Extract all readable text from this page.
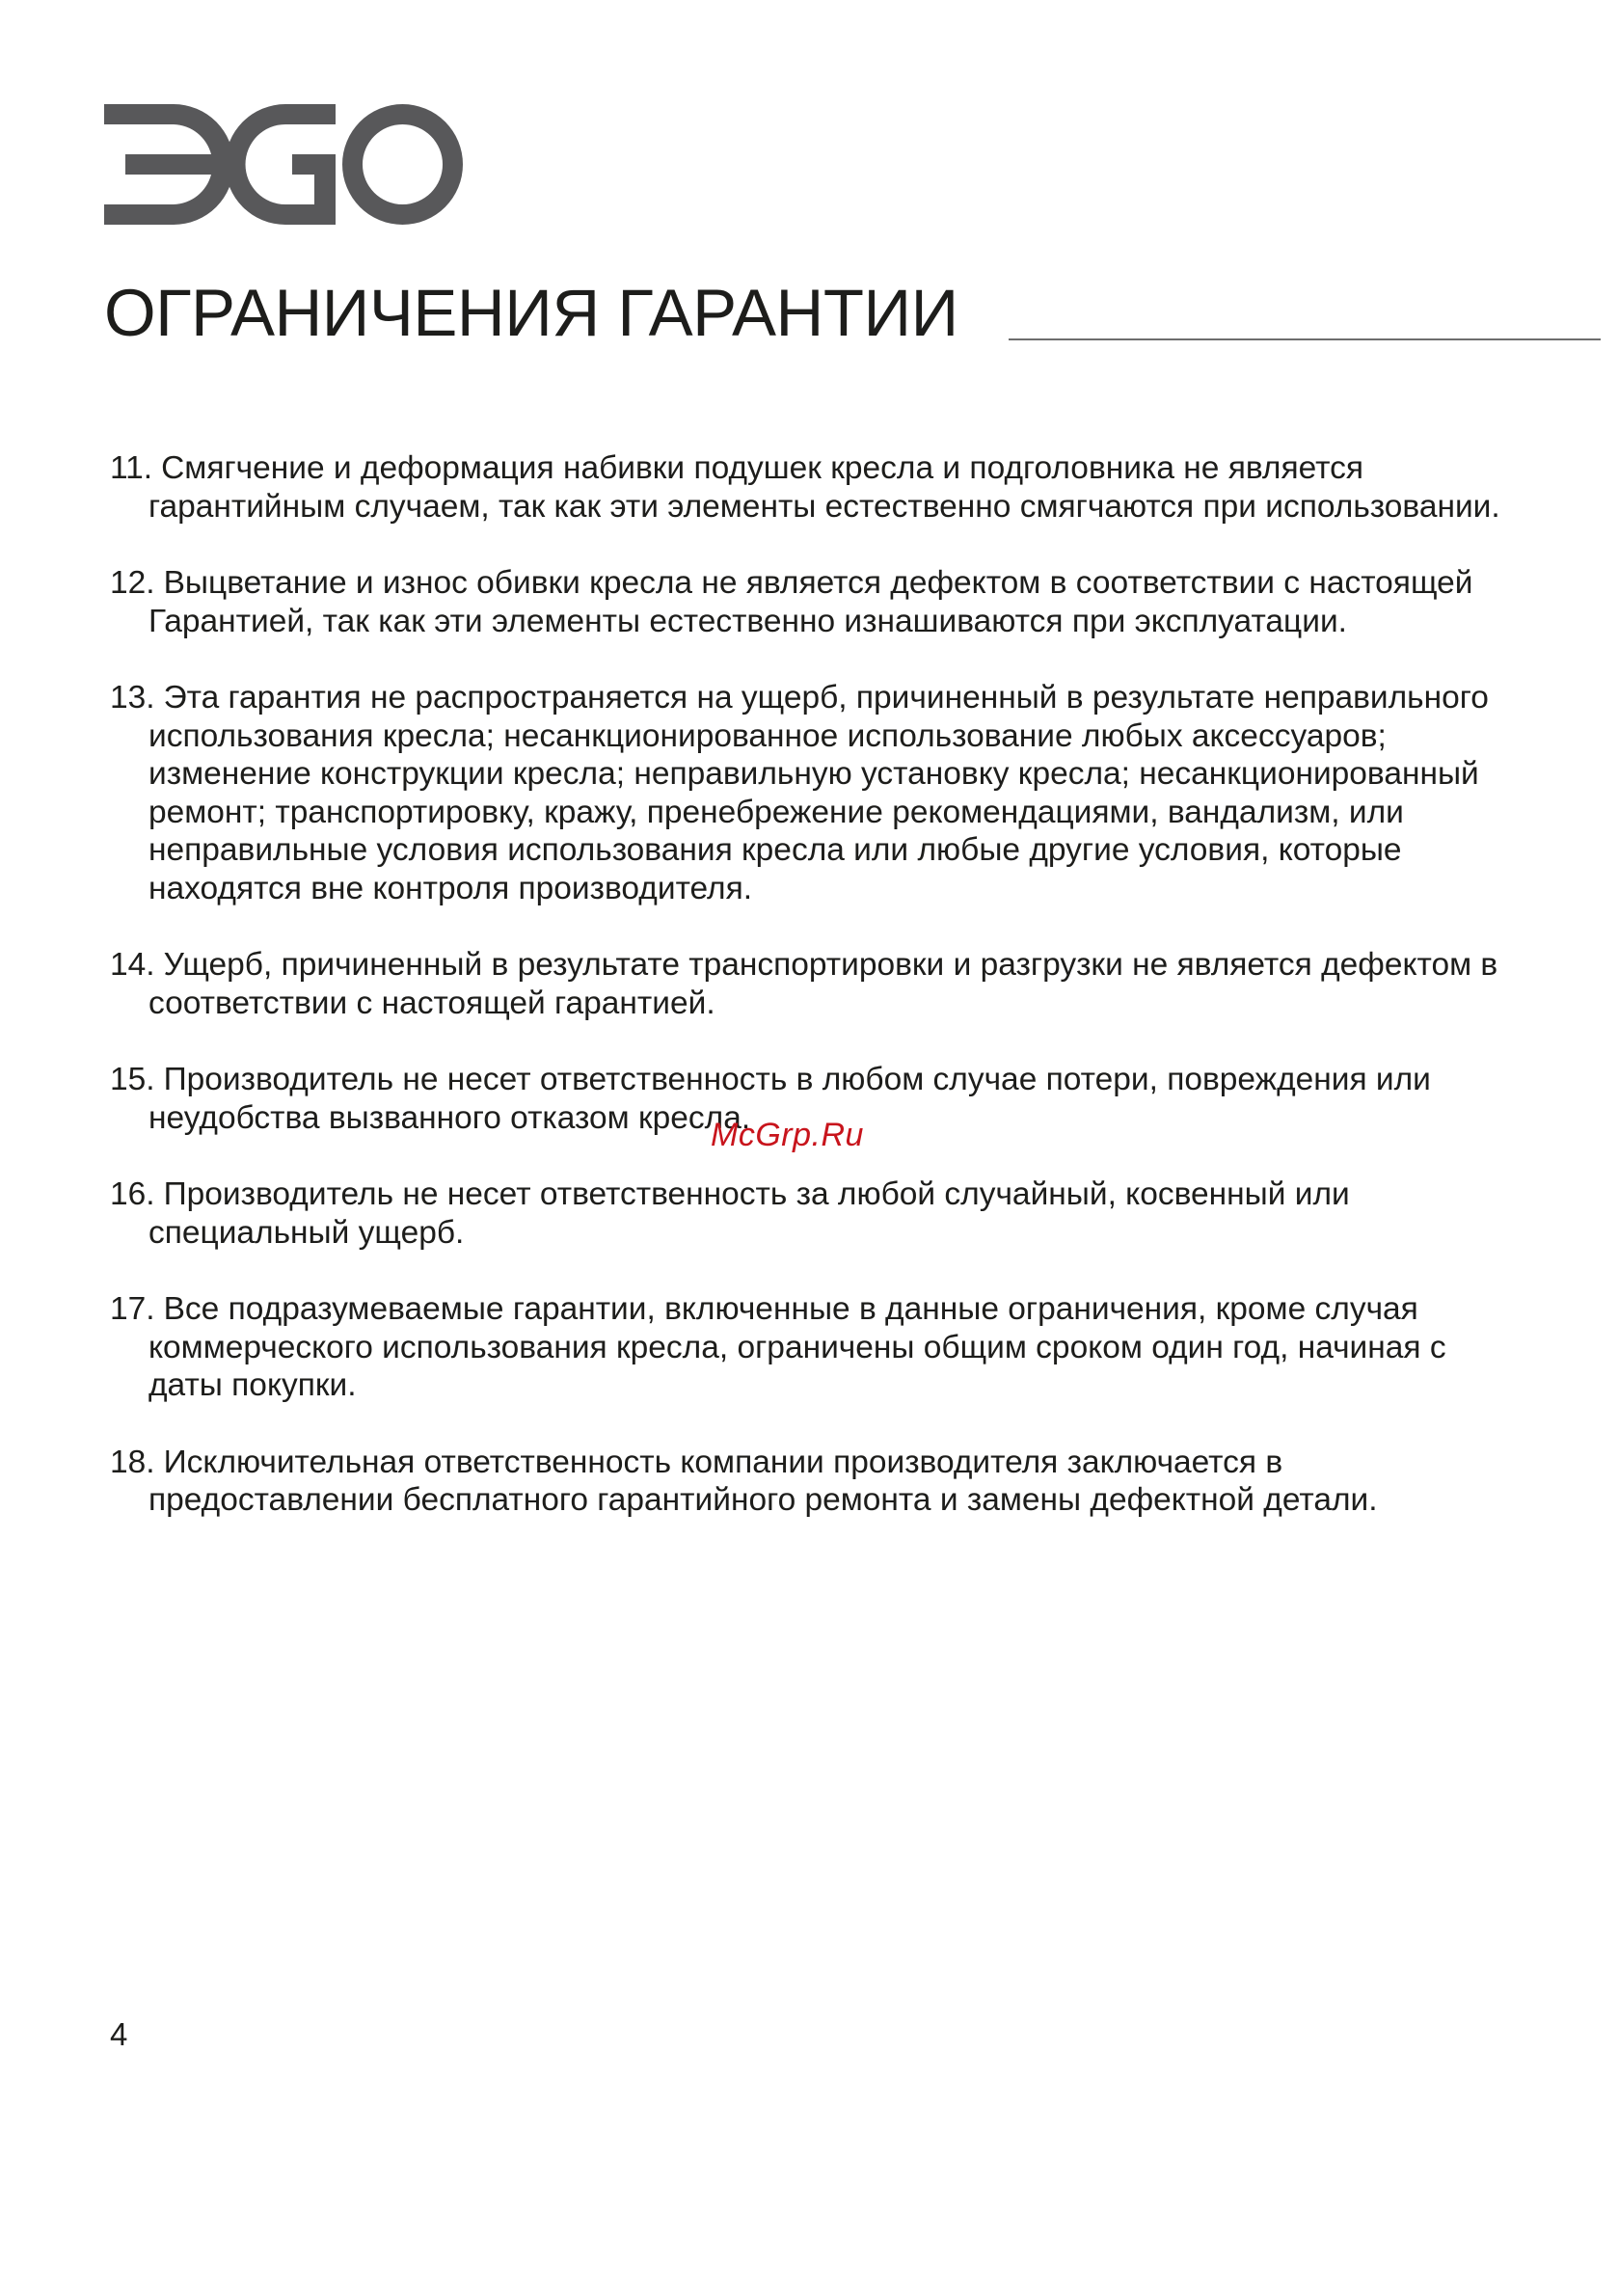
ОГРАНИЧЕНИЯ ГАРАНТИИ
11. Смягчение и деформация набивки подушек кресла и подголовника не является гарантийным случаем, так как эти элементы естественно смягчаются при использовании.
12. Выцветание и износ обивки кресла не является дефектом в соответствии с настоящей Гарантией, так как эти элементы естественно изнашиваются при эксплуатации.
13. Эта гарантия не распространяется на ущерб, причиненный в результате неправильного использования кресла; несанкционированное использование любых аксессуаров; изменение конструкции кресла; неправильную установку кресла; несанкционированный ремонт; транспортировку, кражу, пренебрежение рекомендациями, вандализм, или неправильные условия использования кресла или любые другие условия, которые находятся вне контроля производителя.
14. Ущерб, причиненный в результате транспортировки и разгрузки не является дефектом в соответствии с настоящей гарантией.
15. Производитель не несет ответственность в любом случае потери, повреждения или неудобства вызванного отказом кресла.
16. Производитель не несет ответственность за любой случайный, косвенный или специальный ущерб.
17. Все подразумеваемые гарантии, включенные в данные ограничения, кроме случая коммерческого использования кресла, ограничены общим сроком один год, начиная с даты покупки.
18. Исключительная ответственность компании производителя заключается в предоставлении бесплатного гарантийного ремонта и замены дефектной детали.
McGrp.Ru
4
